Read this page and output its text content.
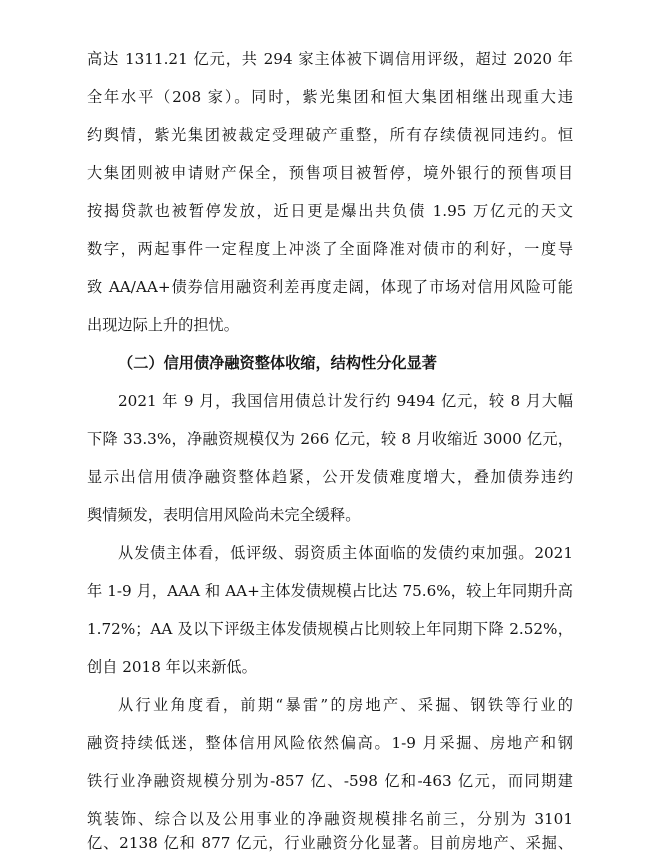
高达 1311.21 亿元，共 294 家主体被下调信用评级，超过 2020 年
全年水平（208 家）。同时，紫光集团和恒大集团相继出现重大违
约舆情，紫光集团被裁定受理破产重整，所有存续债视同违约。恒
大集团则被申请财产保全，预售项目被暂停，境外银行的预售项目
按揭贷款也被暂停发放，近日更是爆出共负债 1.95 万亿元的天文
数字，两起事件一定程度上冲淡了全面降准对债市的利好，一度导
致 AA/AA+债券信用融资利差再度走阔，体现了市场对信用风险可能
出现边际上升的担忧。
（二）信用债净融资整体收缩，结构性分化显著
2021 年 9 月，我国信用债总计发行约 9494 亿元，较 8 月大幅
下降 33.3%，净融资规模仅为 266 亿元，较 8 月收缩近 3000 亿元，
显示出信用债净融资整体趋紧，公开发债难度增大，叠加债券违约
舆情频发，表明信用风险尚未完全缓释。
从发债主体看，低评级、弱资质主体面临的发债约束加强。2021
年 1-9 月，AAA 和 AA+主体发债规模占比达 75.6%，较上年同期升高
1.72%；AA 及以下评级主体发债规模占比则较上年同期下降 2.52%，
创自 2018 年以来新低。
从行业角度看，前期“暴雷”的房地产、采掘、钢铁等行业的
融资持续低迷，整体信用风险依然偏高。1-9 月采掘、房地产和钢
铁行业净融资规模分别为-857 亿、-598 亿和-463 亿元，而同期建
筑装饰、综合以及公用事业的净融资规模排名前三，分别为 3101
亿、2138 亿和 877 亿元，行业融资分化显著。目前房地产、采掘、
